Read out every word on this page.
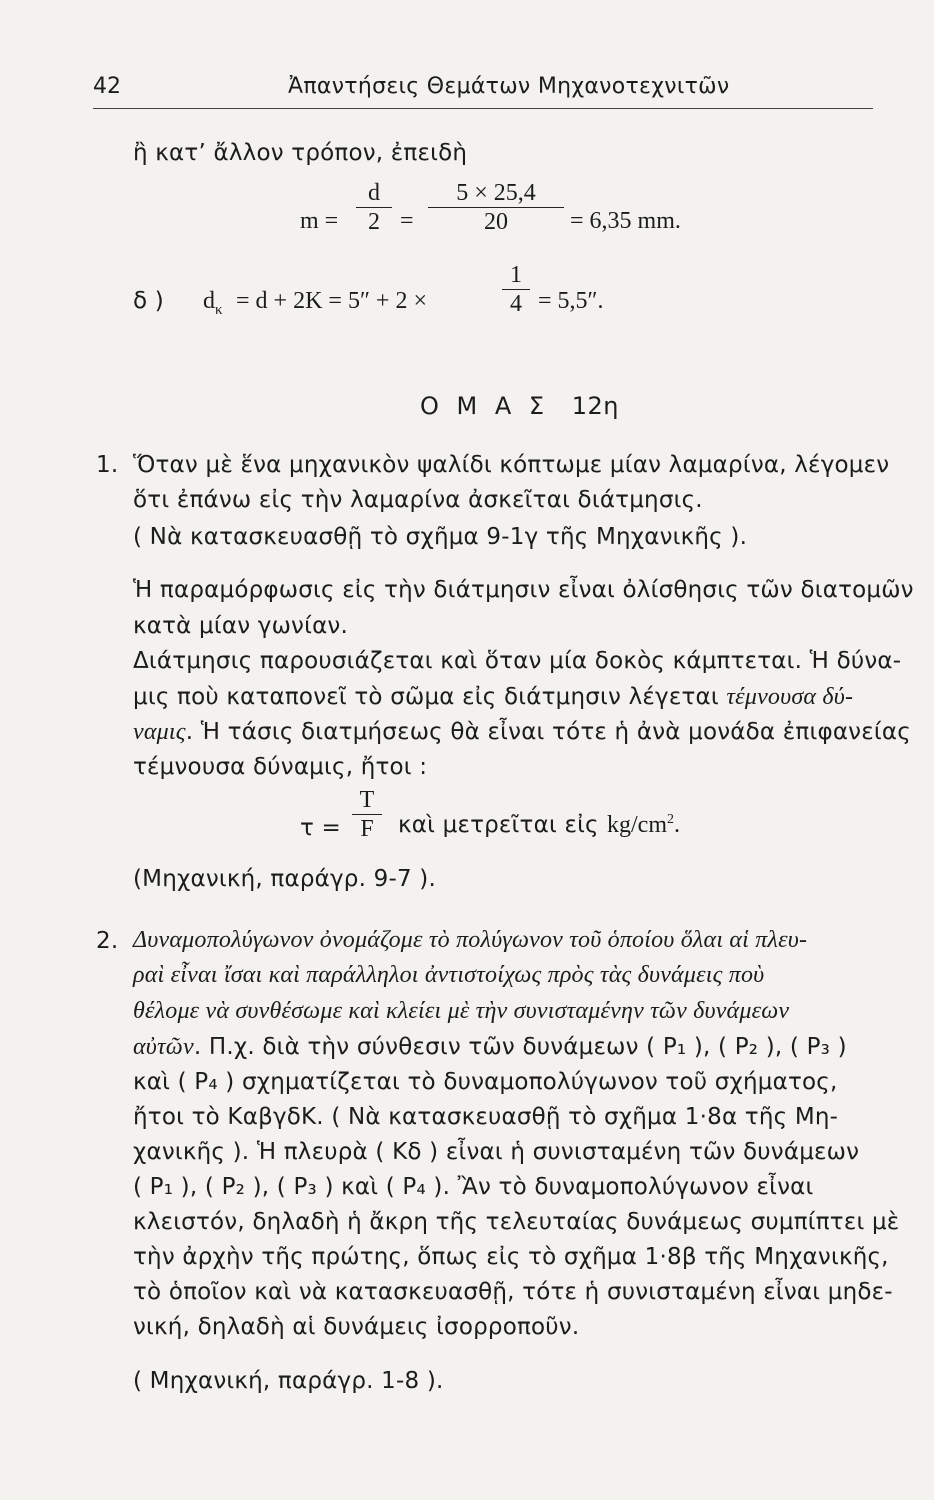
42	Ἀπαντήσεις Θεμάτων Μηχανοτεχνιτῶν
ἢ κατ’ ἄλλον τρόπον, ἐπειδὴ
m =
d
2 =
5 × 25,4
20	= 6,35 mm.
δ ) $d_\kappa = d + 2K = 5'' + 2$ ×
1
4 = 5,5″.
Ο Μ Α Σ 12η
1. Ὅταν μὲ ἕνα μηχανικὸν ψαλίδι κόπτωμε μίαν λαμαρίνα, λέγομεν
ὅτι ἐπάνω εἰς τὴν λαμαρίνα ἀσκεῖται διάτμησις.
( Νὰ κατασκευασθῇ τὸ σχῆμα 9-1γ τῆς Μηχανικῆς ).
Ἡ παραμόρφωσις εἰς τὴν διάτμησιν εἶναι ὀλίσθησις τῶν διατομῶν
κατὰ μίαν γωνίαν.
Διάτμησις παρουσιάζεται καὶ ὅταν μία δοκὸς κάμπτεται. Ἡ δύνα-
μις ποὺ καταπονεῖ τὸ σῶμα εἰς διάτμησιν λέγεται τέμνουσα δύ-
ναμις. Ἡ τάσις διατμήσεως θὰ εἶναι τότε ἡ ἀνὰ μονάδα ἐπιφανείας
τέμνουσα δύναμις, ἤτοι :
τ =
T
F	καὶ μετρεῖται εἰς $kg/cm^2$.
(Μηχανική, παράγρ. 9-7 ).
2. Δυναμοπολύγωνον ὀνομάζομε τὸ πολύγωνον τοῦ ὁποίου ὅλαι αἱ πλευ-
ραὶ εἶναι ἴσαι καὶ παράλληλοι ἀντιστοίχως πρὸς τὰς δυνάμεις ποὺ
θέλομε νὰ συνθέσωμε καὶ κλείει μὲ τὴν συνισταμένην τῶν δυνάμεων
αὐτῶν. Π.χ. διὰ τὴν σύνθεσιν τῶν δυνάμεων ( P₁ ), ( P₂ ), ( P₃ )
καὶ ( P₄ ) σχηματίζεται τὸ δυναμοπολύγωνον τοῦ σχήματος,
ἤτοι τὸ ΚαβγδΚ. ( Νὰ κατασκευασθῇ τὸ σχῆμα 1·8α τῆς Μη-
χανικῆς ). Ἡ πλευρὰ ( Κδ ) εἶναι ἡ συνισταμένη τῶν δυνάμεων
( P₁ ), ( P₂ ), ( P₃ ) καὶ ( P₄ ). Ἂν τὸ δυναμοπολύγωνον εἶναι
κλειστόν, δηλαδὴ ἡ ἄκρη τῆς τελευταίας δυνάμεως συμπίπτει μὲ
τὴν ἀρχὴν τῆς πρώτης, ὅπως εἰς τὸ σχῆμα 1·8β τῆς Μηχανικῆς,
τὸ ὁποῖον καὶ νὰ κατασκευασθῇ, τότε ἡ συνισταμένη εἶναι μηδε-
νική, δηλαδὴ αἱ δυνάμεις ἰσορροποῦν.
( Μηχανική, παράγρ. 1-8 ).
